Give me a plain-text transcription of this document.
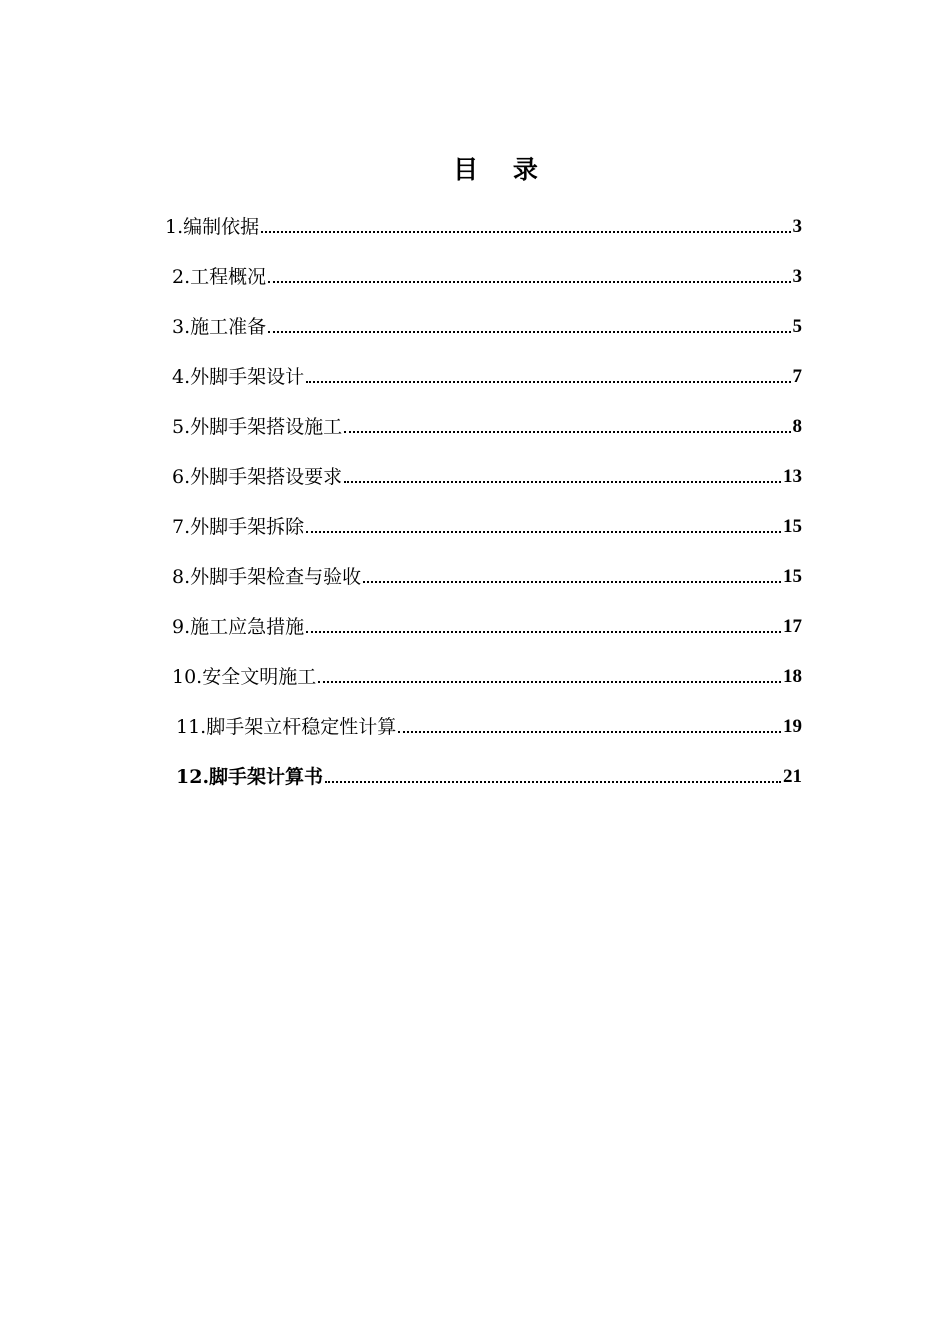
目 录
1.编制依据	3
2.工程概况	3
3.施工准备	5
4.外脚手架设计	7
5.外脚手架搭设施工	8
6.外脚手架搭设要求	13
7.外脚手架拆除	15
8.外脚手架检查与验收	15
9.施工应急措施	17
10.安全文明施工	18
11.脚手架立杆稳定性计算	19
12.脚手架计算书	21
